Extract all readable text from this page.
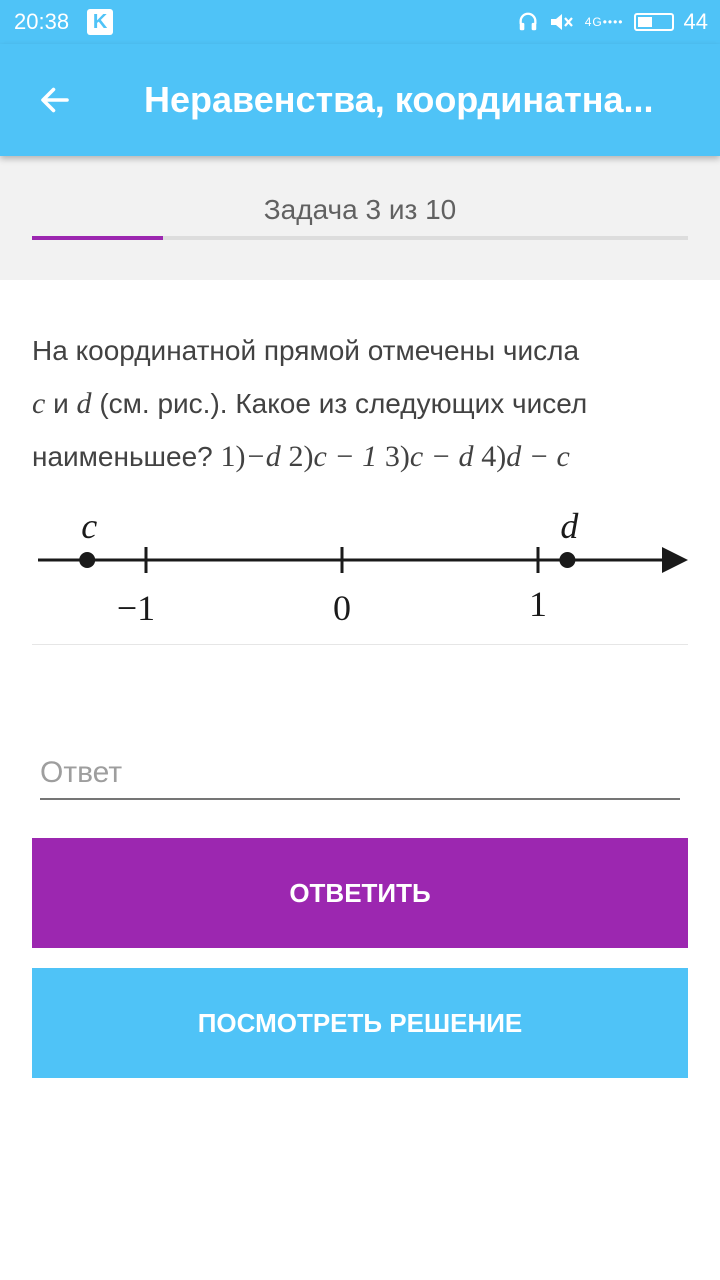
20:38 K	4G••••	44
Неравенства, координатна...
Задача 3 из 10
На координатной прямой отмечены числа
c и d (см. рис.). Какое из следующих чисел
наименьшее? 1)−d 2)c − 1 3)c − d 4)d − c
c	d
−1	0	1
Ответ
ОТВЕТИТЬ
ПОСМОТРЕТЬ РЕШЕНИЕ
